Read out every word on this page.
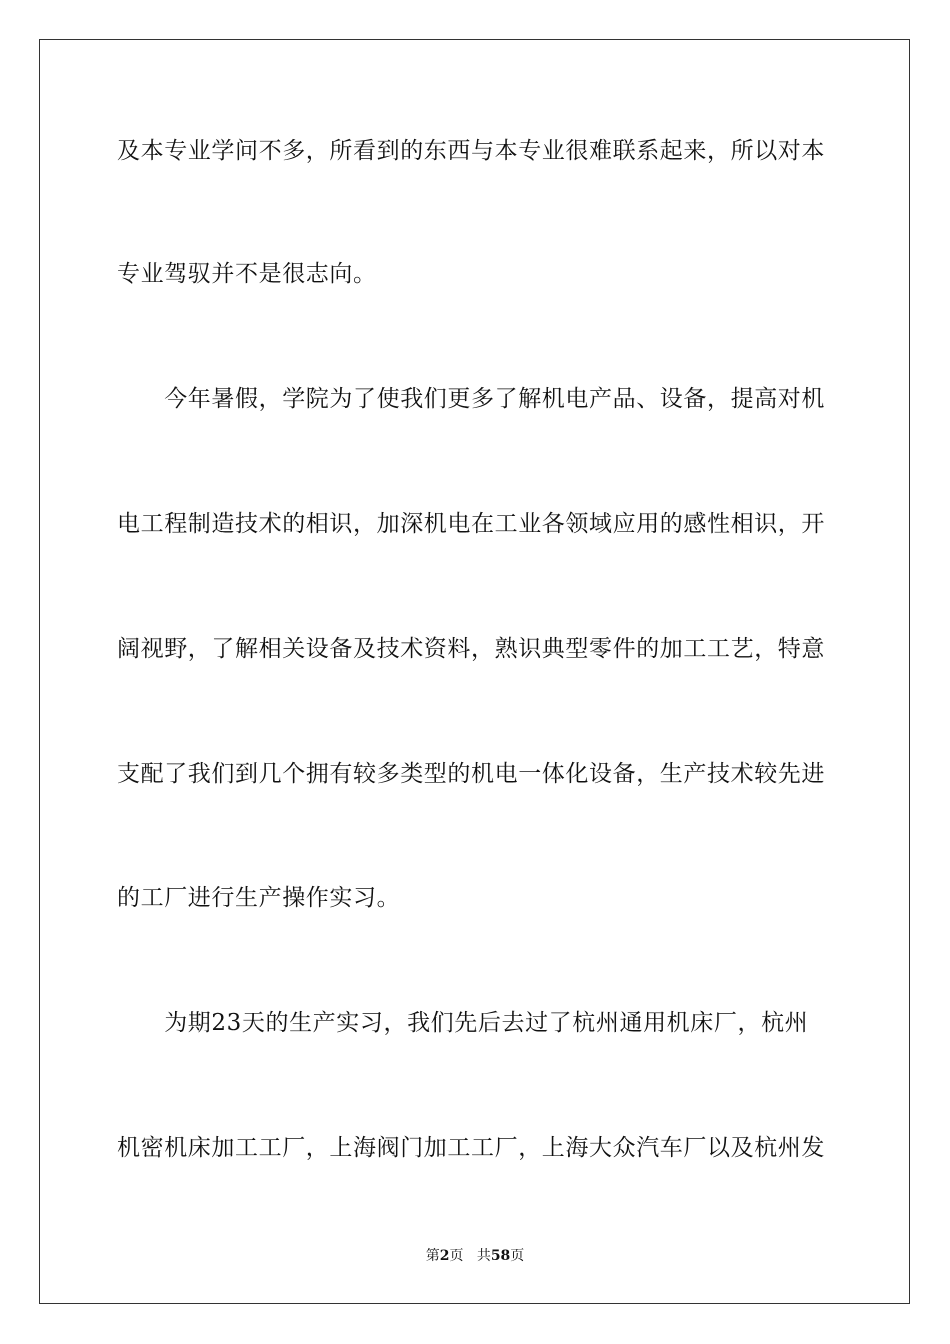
及本专业学问不多，所看到的东西与本专业很难联系起来，所以对本
专业驾驭并不是很志向。
　　今年暑假，学院为了使我们更多了解机电产品、设备，提高对机
电工程制造技术的相识，加深机电在工业各领域应用的感性相识，开
阔视野，了解相关设备及技术资料，熟识典型零件的加工工艺，特意
支配了我们到几个拥有较多类型的机电一体化设备，生产技术较先进
的工厂进行生产操作实习。
　　为期23天的生产实习，我们先后去过了杭州通用机床厂，杭州
机密机床加工工厂，上海阀门加工工厂，上海大众汽车厂以及杭州发
第2页 共58页
